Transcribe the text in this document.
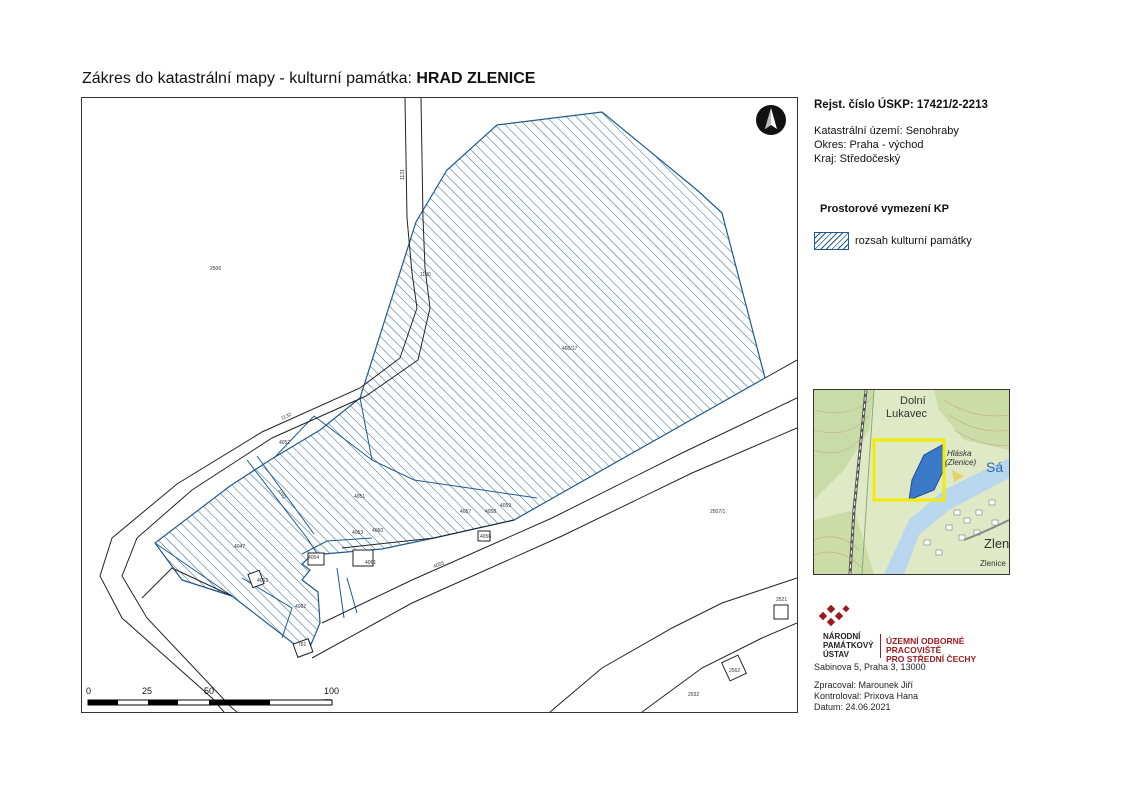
Zákres do katastrální mapy - kulturní památka: HRAD ZLENICE
2506
1130
1131
460/17
1132
4051
4052
1102
4057	4058
4053 4060
4047
4062
4063
4061
4059
2507/1
2532
2562
4054
4055
4056
2521
761
0	25	50	100
Rejst. číslo ÚSKP: 17421/2-2213
Katastrální území: Senohraby
Okres: Praha - východ
Kraj: Středočeský
Prostorové vymezení KP
rozsah kulturní památky
Dolní
Lukavec
Hláska
(Zlenice) Sá
Zlen
Zlenice
NÁRODNÍ
PAMÁTKOVÝ
ÚSTAV
ÚZEMNÍ ODBORNÉ PRACOVIŠTĚ
PRO STŘEDNÍ ČECHY
Sabinova 5, Praha 3, 13000
Zpracoval: Marounek Jiří
Kontroloval: Prixova Hana
Datum: 24.06.2021
